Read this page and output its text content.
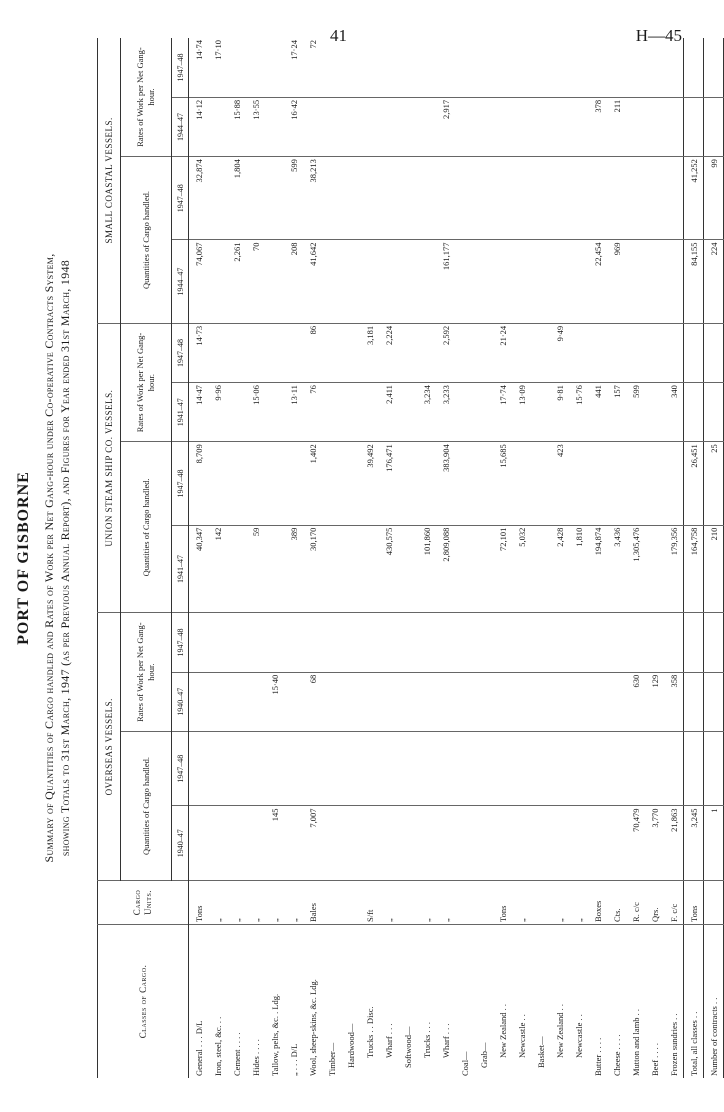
41	H—45
PORT OF GISBORNE Summary of Quantities of Cargo handled and Rates of Work per Net Gang-hour under Co-operative Contracts System, showing Totals to 31st March, 1947 (as per Previous Annual Report), and Figures for Year ended 31st March, 1948
Classes of Cargo.	Cargo Units.	OVERSEAS VESSELS.				UNION STEAM SHIP CO. VESSELS.				SMALL COASTAL VESSELS.			
		Quantities of Cargo handled.		Rates of Work per Net Gang-hour.		Quantities of Cargo handled.		Rates of Work per Net Gang-hour.		Quantities of Cargo handled.		Rates of Work per Net Gang-hour.	
		1940–47	1947–48	1940–47	1947–48	1941–47	1947–48	1941–47	1947–48	1944–47	1947–48	1944–47	1947–48
General . . . D/L	Tons					40,347	8,709	14·47	14·73	74,067	32,874	14·12	14·74
Iron, steel, &c. . .	„					142		9·96					17·10
Cement . . . .	„									2,261	1,804	15·88	
Hides . . . .	„					59		15·06		70		13·55	
Tallow, pelts, &c. . Ldg.	„	145		15·40									
„ . . . D/L	„					389		13·11		208	599	16·42	17·24
Wool, sheep-skins, &c. Ldg.	Bales	7,007		68		30,170	1,402	76	86	41,642	38,213		72
Timber—													
Hardwood—													
Trucks . . Disc.	S/ft						39,492		3,181				
Wharf . . .	„					430,575	176,471	2,411	2,224				
Softwood—													
Trucks . . .	„					101,860		3,234					
Wharf . . .	„					2,809,088	383,904	3,233	2,592	161,177		2,917	
Coal—													
Grab—													
New Zealand . .	Tons					72,101	15,685	17·74	21·24				
Newcastle . .	„					5,032		13·09					
Basket—													
New Zealand . .	„					2,428	423	9·81	9·49				
Newcastle . .	„					1,810		15·76					
Butter . . . .	Boxes					194,874		441		22,454		378	
Cheese . . . .	Cts.					3,436		157		969		211	
Mutton and lamb . .	R. c/c	70,479		630		1,305,476		599					
Beef . . . .	Qrs.	3,770		129									
Frozen sundries . .	F. c/c	21,863		358		179,356		340					
Total, all classes . .	Tons	3,245				164,758	26,451			84,155	41,252		
Number of contracts . .		1				210	25			224	99		
